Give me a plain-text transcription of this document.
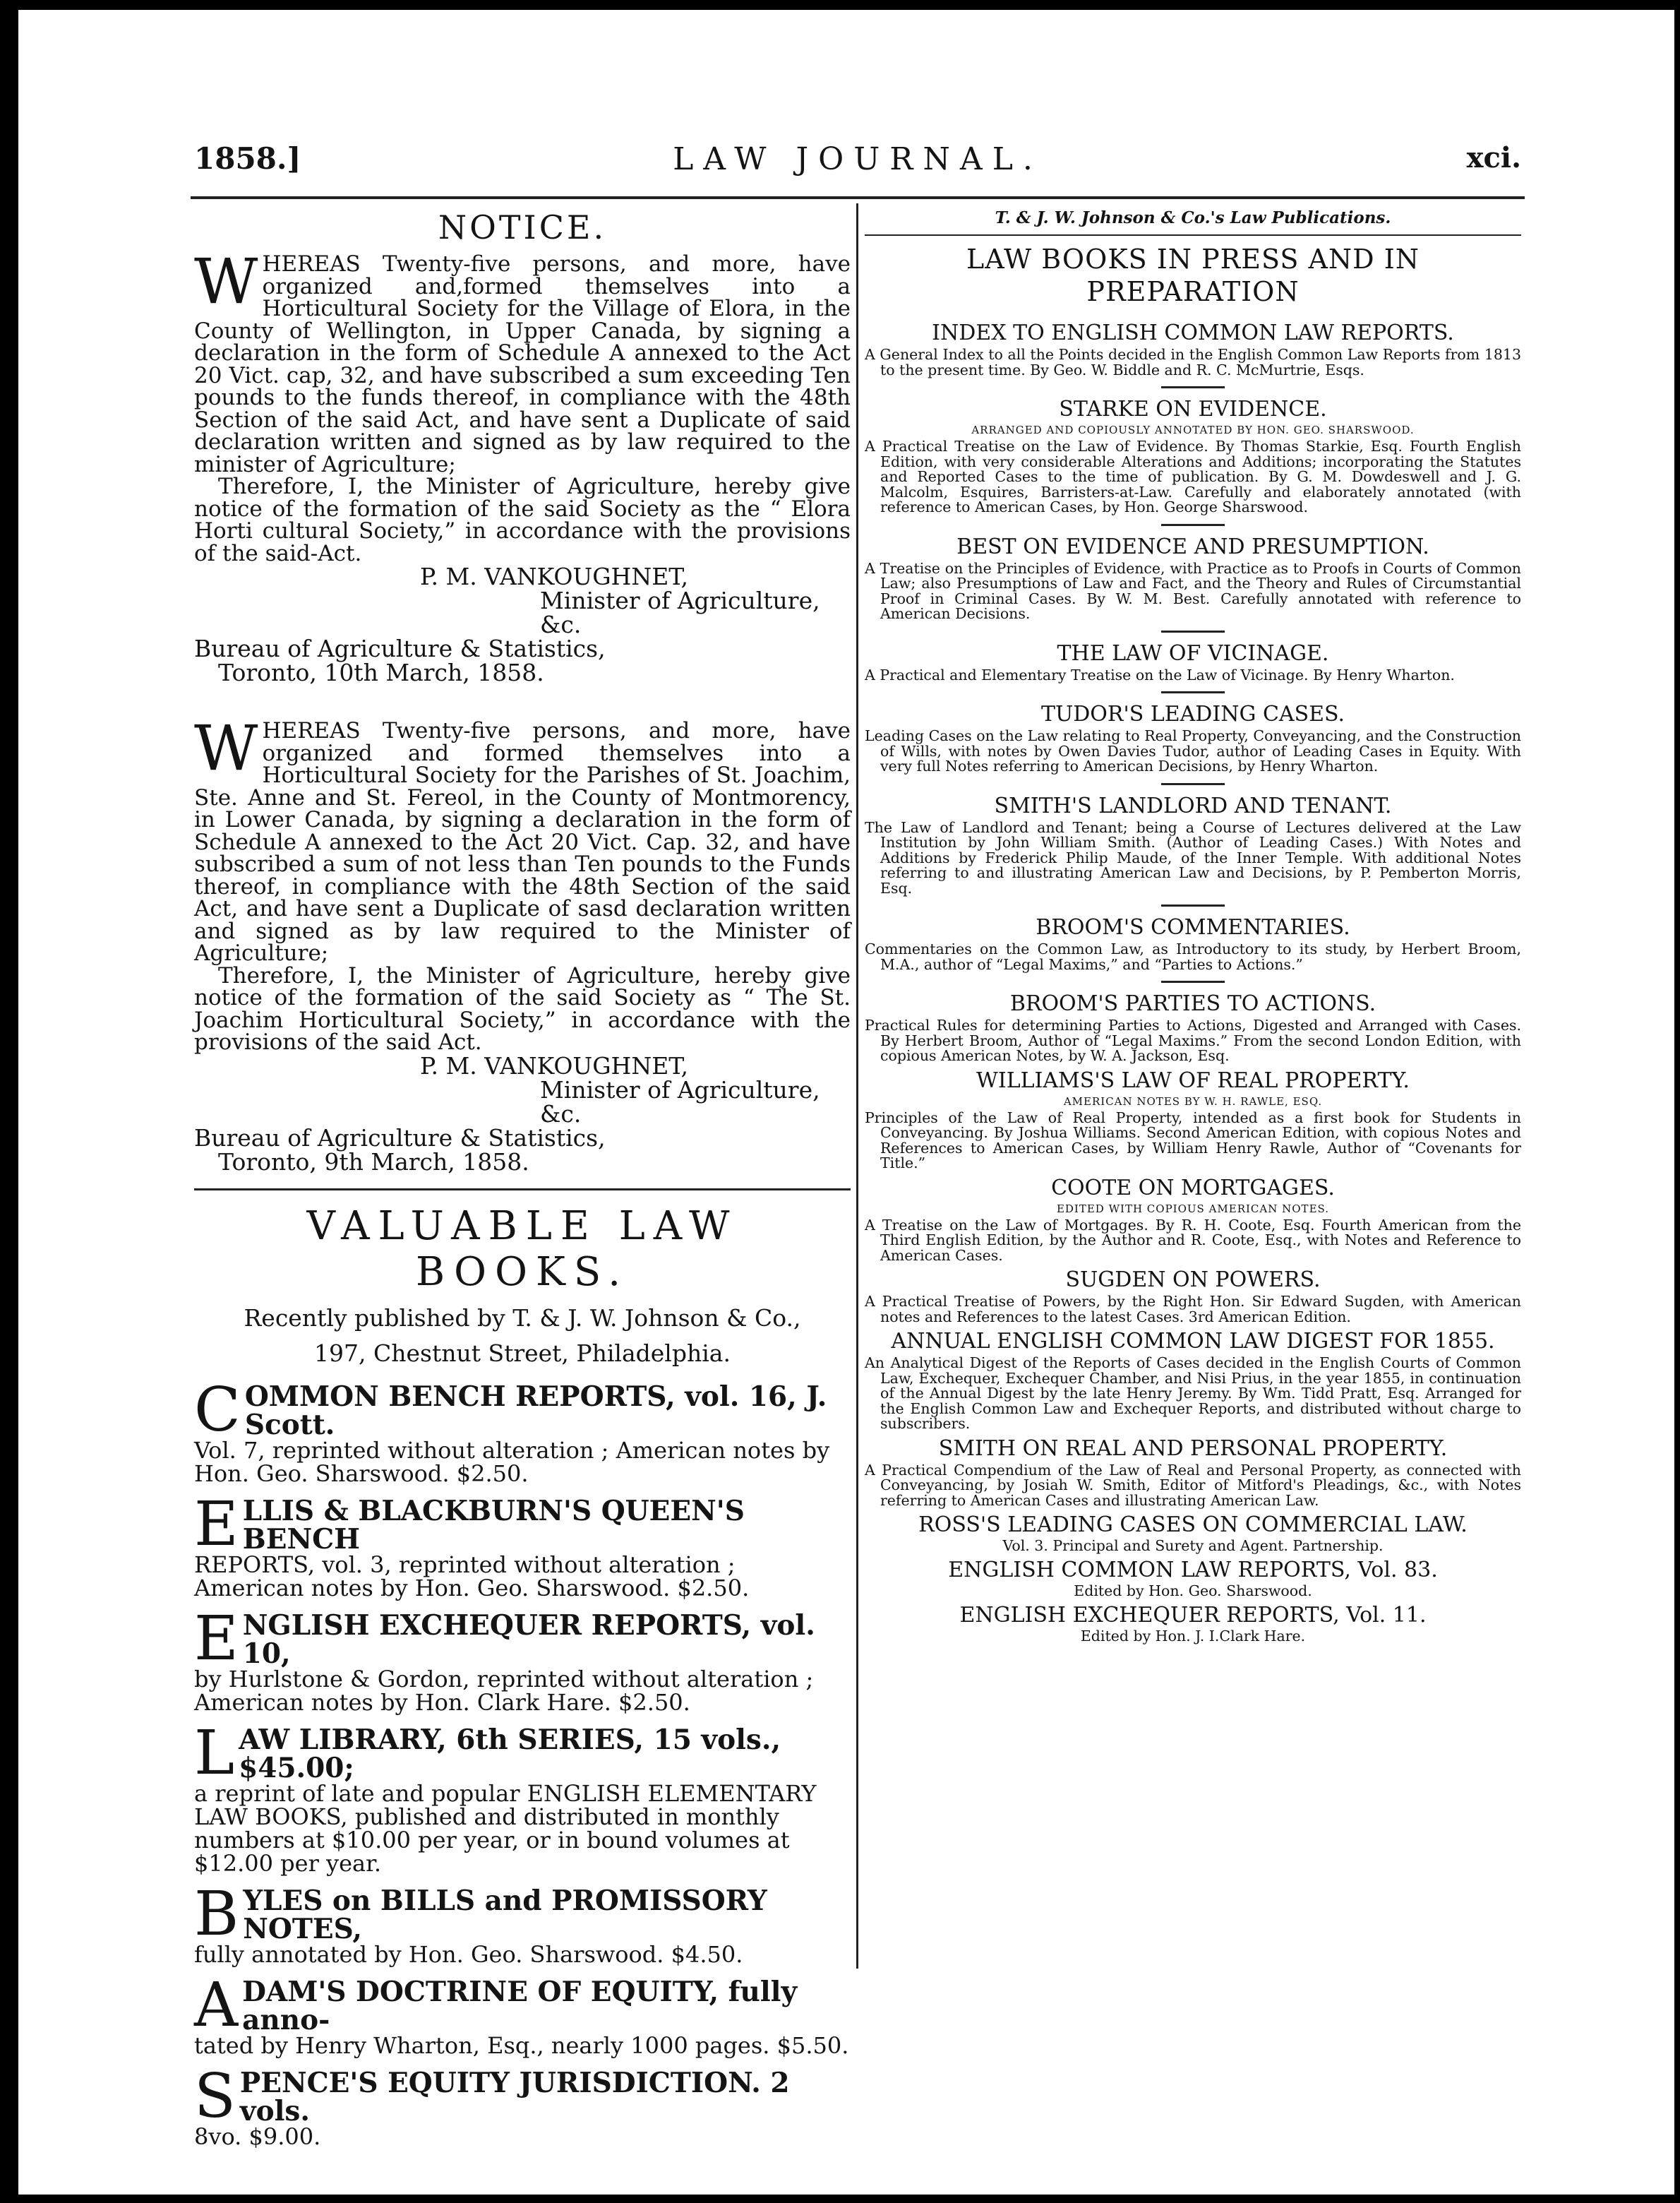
1858.]	LAW JOURNAL.	xci.
NOTICE.

WHEREAS Twenty-five persons, and more, have organized and,formed themselves into a Horticultural Society for the Village of Elora, in the County of Wellington, in Upper Canada, by signing a declaration in the form of Schedule A annexed to the Act 20 Vict. cap, 32, and have subscribed a sum exceeding Ten pounds to the funds thereof, in compliance with the 48th Section of the said Act, and have sent a Duplicate of said declaration written and signed as by law required to the minister of Agriculture;

Therefore, I, the Minister of Agriculture, hereby give notice of the formation of the said Society as the “ Elora Horti cultural Society,” in accordance with the provisions of the said-Act.

P. M. VANKOUGHNET,
Minister of Agriculture, &c.
Bureau of Agriculture & Statistics,
Toronto, 10th March, 1858.

WHEREAS Twenty-five persons, and more, have organized and formed themselves into a Horticultural Society for the Parishes of St. Joachim, Ste. Anne and St. Fereol, in the County of Montmorency, in Lower Canada, by signing a declaration in the form of Schedule A annexed to the Act 20 Vict. Cap. 32, and have subscribed a sum of not less than Ten pounds to the Funds thereof, in compliance with the 48th Section of the said Act, and have sent a Duplicate of sasd declaration written and signed as by law required to the Minister of Agriculture;

Therefore, I, the Minister of Agriculture, hereby give notice of the formation of the said Society as “ The St. Joachim Horticultural Society,” in accordance with the provisions of the said Act.

P. M. VANKOUGHNET,
Minister of Agriculture, &c.
Bureau of Agriculture & Statistics,
Toronto, 9th March, 1858.
VALUABLE LAW BOOKS.
Recently published by T. & J. W. Johnson & Co.,
197, Chestnut Street, Philadelphia.
C OMMON BENCH REPORTS, vol. 16, J. Scott.
Vol. 7, reprinted without alteration ; American notes by Hon. Geo. Sharswood. $2.50.
E LLIS & BLACKBURN'S QUEEN'S BENCH
REPORTS, vol. 3, reprinted without alteration ; American notes by Hon. Geo. Sharswood. $2.50.
E NGLISH EXCHEQUER REPORTS, vol. 10,
by Hurlstone & Gordon, reprinted without alteration ; American notes by Hon. Clark Hare. $2.50.
L AW LIBRARY, 6th SERIES, 15 vols., $45.00;
a reprint of late and popular ENGLISH ELEMENTARY LAW BOOKS, published and distributed in monthly numbers at $10.00 per year, or in bound volumes at $12.00 per year.
B YLES on BILLS and PROMISSORY NOTES,
fully annotated by Hon. Geo. Sharswood. $4.50.
A DAM'S DOCTRINE OF EQUITY, fully anno-
tated by Henry Wharton, Esq., nearly 1000 pages. $5.50.
S PENCE'S EQUITY JURISDICTION. 2 vols.
8vo. $9.00.
T. & J. W. Johnson & Co.'s Law Publications.
LAW BOOKS IN PRESS AND IN PREPARATION
INDEX TO ENGLISH COMMON LAW REPORTS.

A General Index to all the Points decided in the English Common Law Reports from 1813 to the present time. By Geo. W. Biddle and R. C. McMurtrie, Esqs.

STARKE ON EVIDENCE.
ARRANGED AND COPIOUSLY ANNOTATED BY HON. GEO. SHARSWOOD.

A Practical Treatise on the Law of Evidence. By Thomas Starkie, Esq. Fourth English Edition, with very considerable Alterations and Additions; incorporating the Statutes and Reported Cases to the time of publication. By G. M. Dowdeswell and J. G. Malcolm, Esquires, Barristers-at-Law. Carefully and elaborately annotated (with reference to American Cases, by Hon. George Sharswood.

BEST ON EVIDENCE AND PRESUMPTION.

A Treatise on the Principles of Evidence, with Practice as to Proofs in Courts of Common Law; also Presumptions of Law and Fact, and the Theory and Rules of Circumstantial Proof in Criminal Cases. By W. M. Best. Carefully annotated with reference to American Decisions.

THE LAW OF VICINAGE.

A Practical and Elementary Treatise on the Law of Vicinage. By Henry Wharton.

TUDOR'S LEADING CASES.

Leading Cases on the Law relating to Real Property, Conveyancing, and the Construction of Wills, with notes by Owen Davies Tudor, author of Leading Cases in Equity. With very full Notes referring to American Decisions, by Henry Wharton.

SMITH'S LANDLORD AND TENANT.

The Law of Landlord and Tenant; being a Course of Lectures delivered at the Law Institution by John William Smith. (Author of Leading Cases.) With Notes and Additions by Frederick Philip Maude, of the Inner Temple. With additional Notes referring to and illustrating American Law and Decisions, by P. Pemberton Morris, Esq.

BROOM'S COMMENTARIES.

Commentaries on the Common Law, as Introductory to its study, by Herbert Broom, M.A., author of “Legal Maxims,” and “Parties to Actions.”

BROOM'S PARTIES TO ACTIONS.

Practical Rules for determining Parties to Actions, Digested and Arranged with Cases. By Herbert Broom, Author of “Legal Maxims.” From the second London Edition, with copious American Notes, by W. A. Jackson, Esq.

WILLIAMS'S LAW OF REAL PROPERTY.
AMERICAN NOTES BY W. H. RAWLE, ESQ.

Principles of the Law of Real Property, intended as a first book for Students in Conveyancing. By Joshua Williams. Second American Edition, with copious Notes and References to American Cases, by William Henry Rawle, Author of “Covenants for Title.”

COOTE ON MORTGAGES.
EDITED WITH COPIOUS AMERICAN NOTES.

A Treatise on the Law of Mortgages. By R. H. Coote, Esq. Fourth American from the Third English Edition, by the Author and R. Coote, Esq., with Notes and Reference to American Cases.

SUGDEN ON POWERS.

A Practical Treatise of Powers, by the Right Hon. Sir Edward Sugden, with American notes and References to the latest Cases. 3rd American Edition.

ANNUAL ENGLISH COMMON LAW DIGEST FOR 1855.

An Analytical Digest of the Reports of Cases decided in the English Courts of Common Law, Exchequer, Exchequer Chamber, and Nisi Prius, in the year 1855, in continuation of the Annual Digest by the late Henry Jeremy. By Wm. Tidd Pratt, Esq. Arranged for the English Common Law and Exchequer Reports, and distributed without charge to subscribers.

SMITH ON REAL AND PERSONAL PROPERTY.

A Practical Compendium of the Law of Real and Personal Property, as connected with Conveyancing, by Josiah W. Smith, Editor of Mitford's Pleadings, &c., with Notes referring to American Cases and illustrating American Law.

ROSS'S LEADING CASES ON COMMERCIAL LAW.
Vol. 3. Principal and Surety and Agent. Partnership.
ENGLISH COMMON LAW REPORTS, Vol. 83.
Edited by Hon. Geo. Sharswood.
ENGLISH EXCHEQUER REPORTS, Vol. 11.
Edited by Hon. J. I.Clark Hare.
